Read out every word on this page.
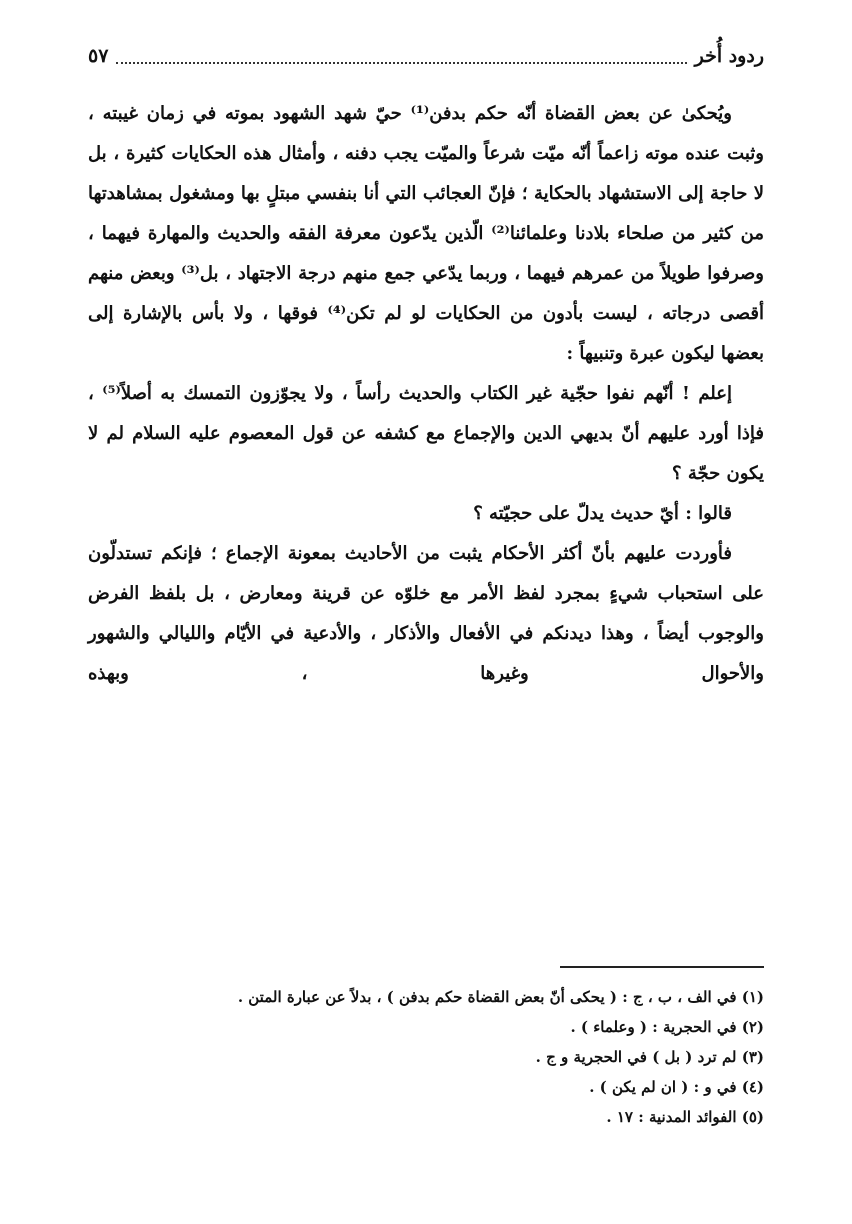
ردود أُخر
٥٧

ويُحكىٰ عن بعض القضاة أنّه حكم بدفن⁽¹⁾ حيّ شهد الشهود بموته في زمان غيبته ، وثبت عنده موته زاعماً أنّه ميّت شرعاً والميّت يجب دفنه ، وأمثال هذه الحكايات كثيرة ، بل لا حاجة إلى الاستشهاد بالحكاية ؛ فإنّ العجائب التي أنا بنفسي مبتلٍ بها ومشغول بمشاهدتها من كثير من صلحاء بلادنا وعلمائنا⁽²⁾ الّذين يدّعون معرفة الفقه والحديث والمهارة فيهما ، وصرفوا طويلاً من عمرهم فيهما ، وربما يدّعي جمع منهم درجة الاجتهاد ، بل⁽³⁾ وبعض منهم أقصى درجاته ، ليست بأدون من الحكايات لو لم تكن⁽⁴⁾ فوقها ، ولا بأس بالإشارة إلى بعضها ليكون عبرة وتنبيهاً :

إعلم ! أنّهم نفوا حجّية غير الكتاب والحديث رأساً ، ولا يجوّزون التمسك به أصلاً⁽⁵⁾ ، فإذا أورد عليهم أنّ بديهي الدين والإجماع مع كشفه عن قول المعصوم عليه السلام لم لا يكون حجّة ؟

قالوا : أيّ حديث يدلّ على حجيّته ؟

فأوردت عليهم بأنّ أكثر الأحكام يثبت من الأحاديث بمعونة الإجماع ؛ فإنكم تستدلّون على استحباب شيءٍ بمجرد لفظ الأمر مع خلوّه عن قرينة ومعارض ، بل بلفظ الفرض والوجوب أيضاً ، وهذا ديدنكم في الأفعال والأذكار ، والأدعية في الأيّام والليالي والشهور والأحوال وغيرها ، وبهذه

(١) في الف ، ب ، ج : ( يحكى أنّ بعض القضاة حكم بدفن ) ، بدلاً عن عبارة المتن .
(٢) في الحجرية : ( وعلماء ) .
(٣) لم ترد ( بل ) في الحجرية و ج .
(٤) في و : ( ان لم يكن ) .
(٥) الفوائد المدنية : ١٧ .
